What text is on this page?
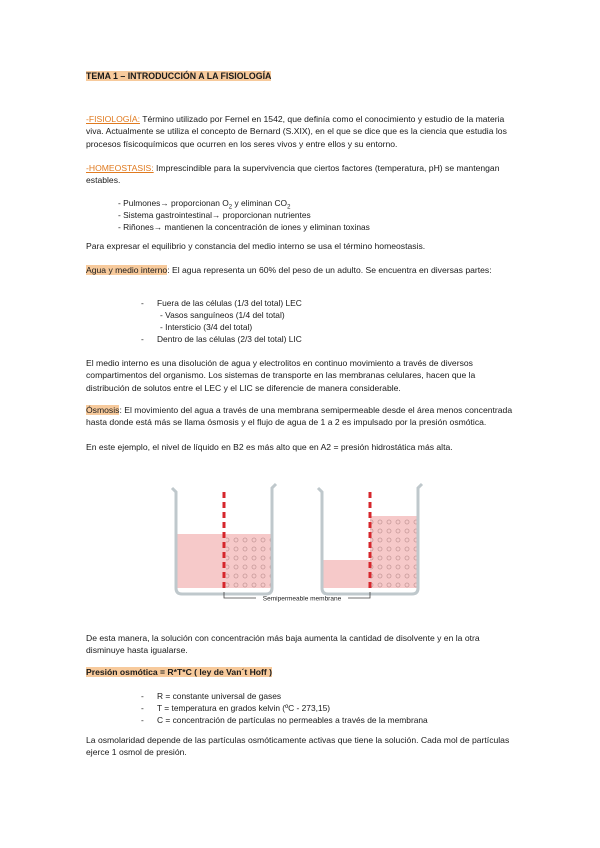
TEMA 1 – INTRODUCCIÓN A LA FISIOLOGÍA
-FISIOLOGÍA: Término utilizado por Fernel en 1542, que definía como el conocimiento y estudio de la materia viva. Actualmente se utiliza el concepto de Bernard (S.XIX), en el que se dice que es la ciencia que estudia los procesos físicoquímicos que ocurren en los seres vivos y entre ellos y su entorno.
-HOMEOSTASIS: Imprescindible para la supervivencia que ciertos factores (temperatura, pH) se mantengan estables.
- Pulmones→ proporcionan $O_2$ y eliminan $CO_2$
- Sistema gastrointestinal→ proporcionan nutrientes
- Riñones→ mantienen la concentración de iones y eliminan toxinas
Para expresar el equilibrio y constancia del medio interno se usa el término homeostasis.
Agua y medio interno: El agua representa un 60% del peso de un adulto. Se encuentra en diversas partes:
- Fuera de las células (1/3 del total) LEC
- Vasos sanguíneos (1/4 del total)
- Intersticio (3/4 del total)
- Dentro de las células (2/3 del total) LIC
El medio interno es una disolución de agua y electrolitos en continuo movimiento a través de diversos compartimentos del organismo. Los sistemas de transporte en las membranas celulares, hacen que la distribución de solutos entre el LEC y el LIC se diferencie de manera considerable.
Ósmosis: El movimiento del agua a través de una membrana semipermeable desde el área menos concentrada hasta donde está más se llama ósmosis y el flujo de agua de 1 a 2 es impulsado por la presión osmótica.
En este ejemplo, el nivel de líquido en B2 es más alto que en A2 = presión hidrostática más alta.
Semipermeable membrane
De esta manera, la solución con concentración más baja aumenta la cantidad de disolvente y en la otra disminuye hasta igualarse.
Presión osmótica = R*T*C ( ley de Van´t Hoff )
- R = constante universal de gases
- T = temperatura en grados kelvin (ºC - 273,15)
- C = concentración de partículas no permeables a través de la membrana
La osmolaridad depende de las partículas osmóticamente activas que tiene la solución. Cada mol de partículas ejerce 1 osmol de presión.
